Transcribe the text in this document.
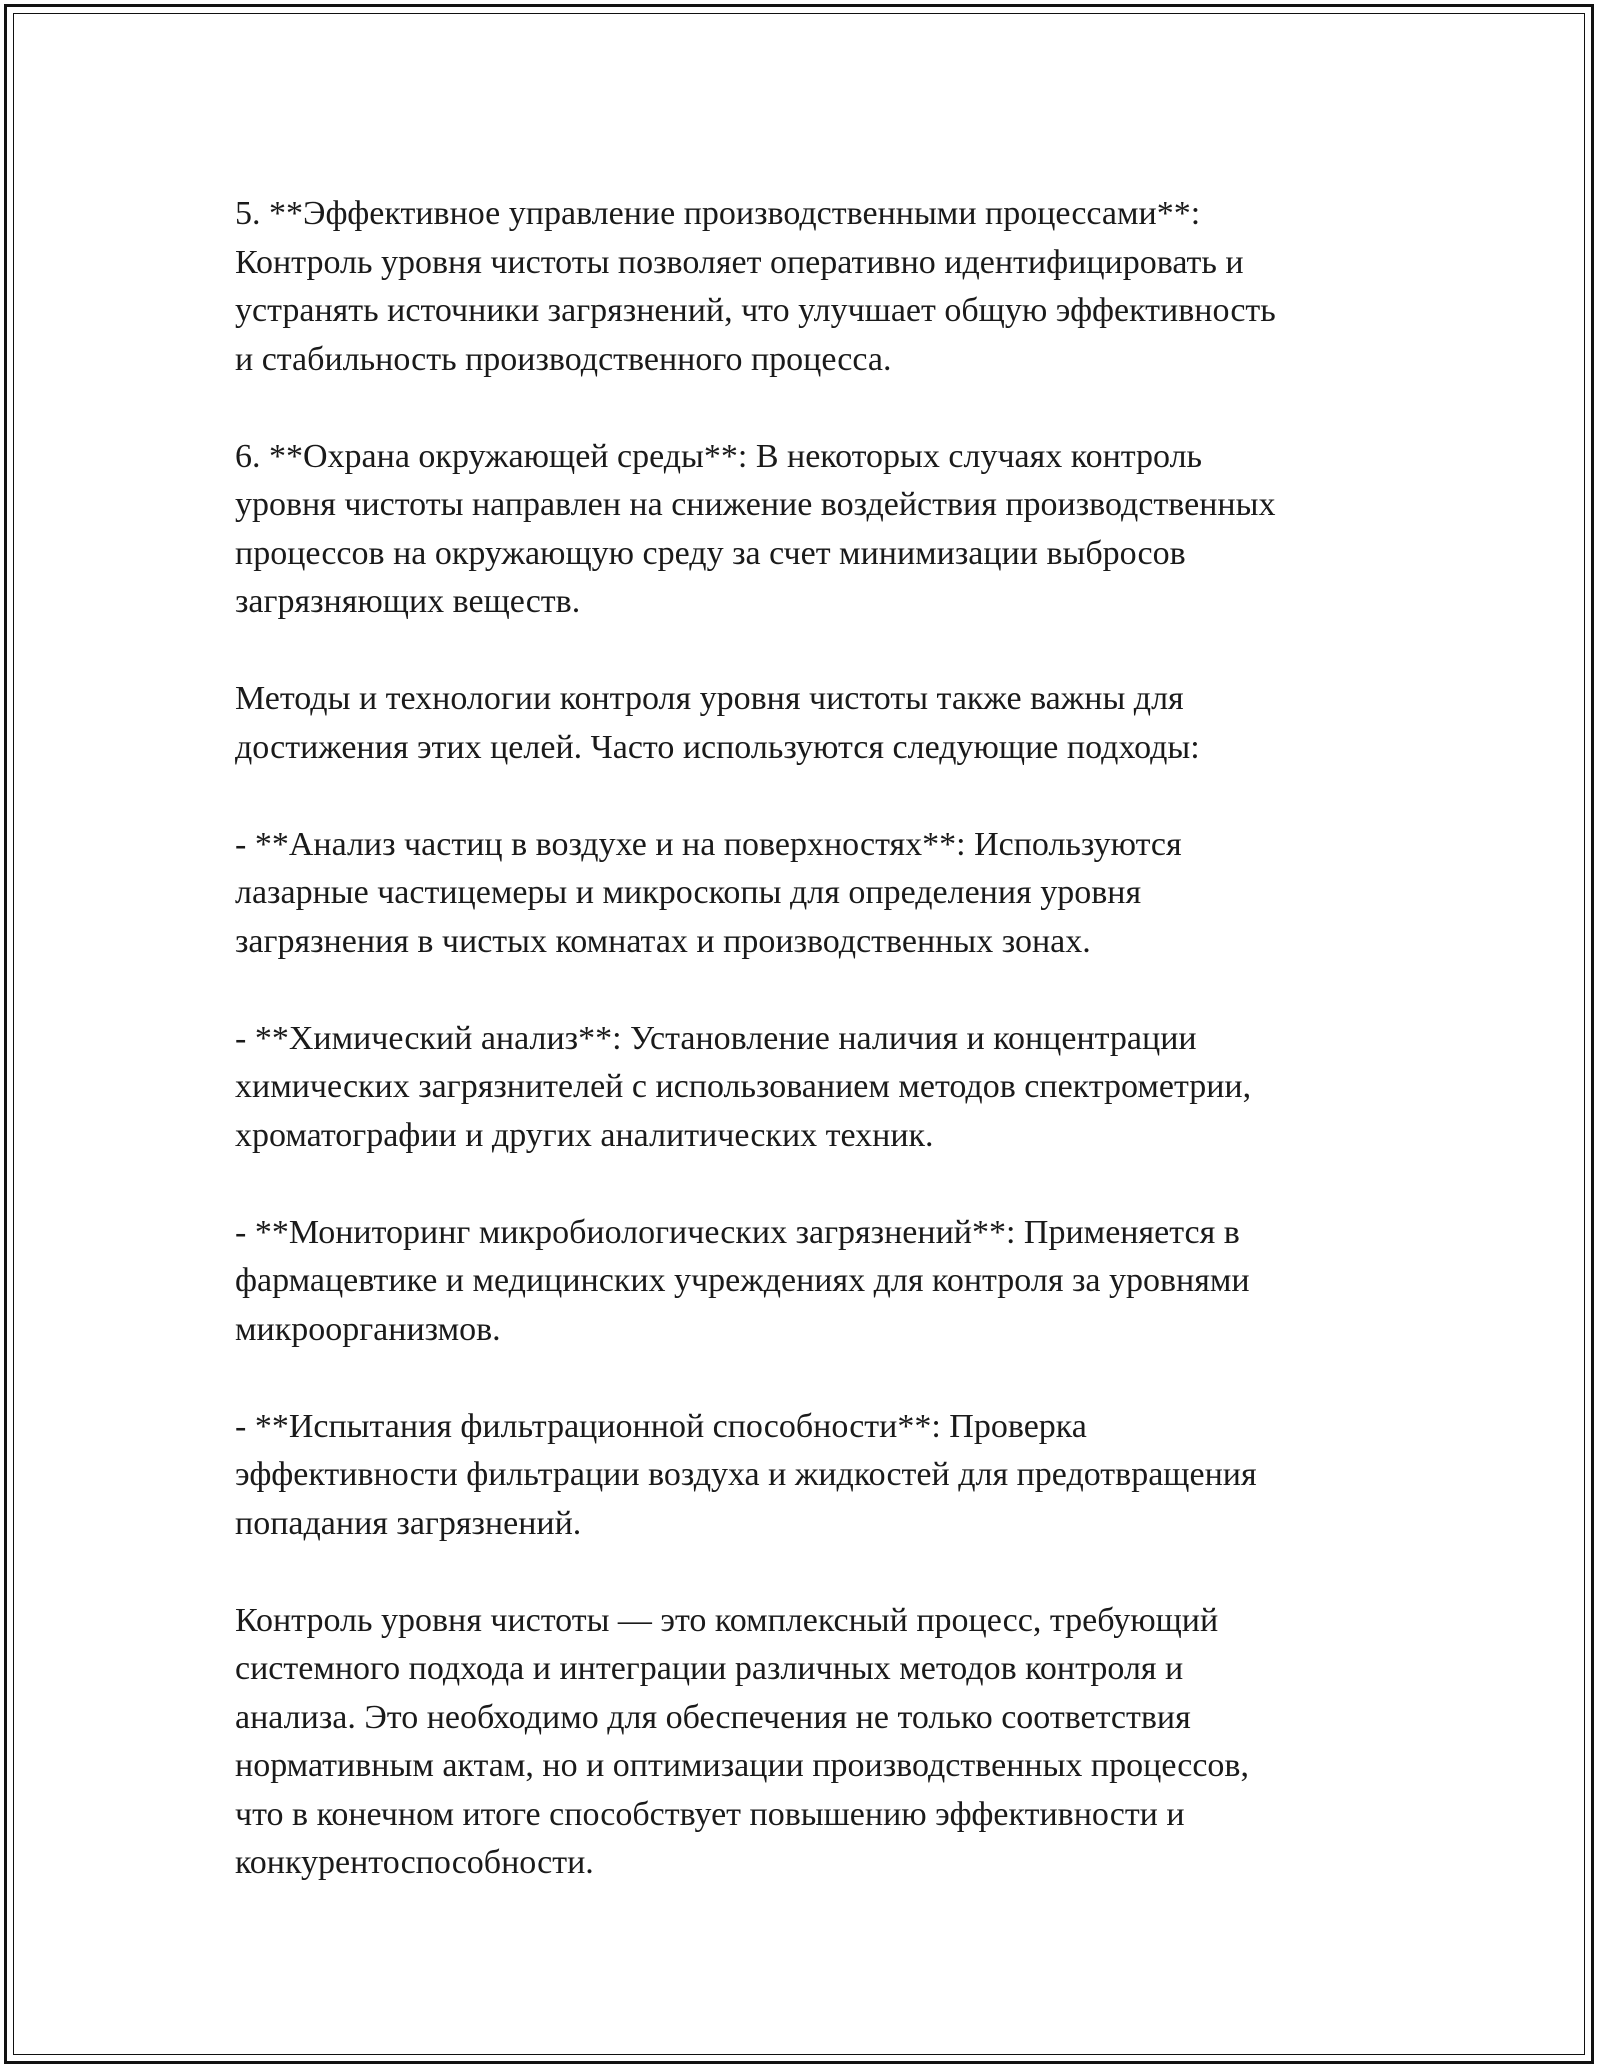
5. **Эффективное управление производственными процессами**:
Контроль уровня чистоты позволяет оперативно идентифицировать и
устранять источники загрязнений, что улучшает общую эффективность
и стабильность производственного процесса.

6. **Охрана окружающей среды**: В некоторых случаях контроль
уровня чистоты направлен на снижение воздействия производственных
процессов на окружающую среду за счет минимизации выбросов
загрязняющих веществ.

Методы и технологии контроля уровня чистоты также важны для
достижения этих целей. Часто используются следующие подходы:

- **Анализ частиц в воздухе и на поверхностях**: Используются
лазарные частицемеры и микроскопы для определения уровня
загрязнения в чистых комнатах и производственных зонах.

- **Химический анализ**: Установление наличия и концентрации
химических загрязнителей с использованием методов спектрометрии,
хроматографии и других аналитических техник.

- **Мониторинг микробиологических загрязнений**: Применяется в
фармацевтике и медицинских учреждениях для контроля за уровнями
микроорганизмов.

- **Испытания фильтрационной способности**: Проверка
эффективности фильтрации воздуха и жидкостей для предотвращения
попадания загрязнений.

Контроль уровня чистоты — это комплексный процесс, требующий
системного подхода и интеграции различных методов контроля и
анализа. Это необходимо для обеспечения не только соответствия
нормативным актам, но и оптимизации производственных процессов,
что в конечном итоге способствует повышению эффективности и
конкурентоспособности.
